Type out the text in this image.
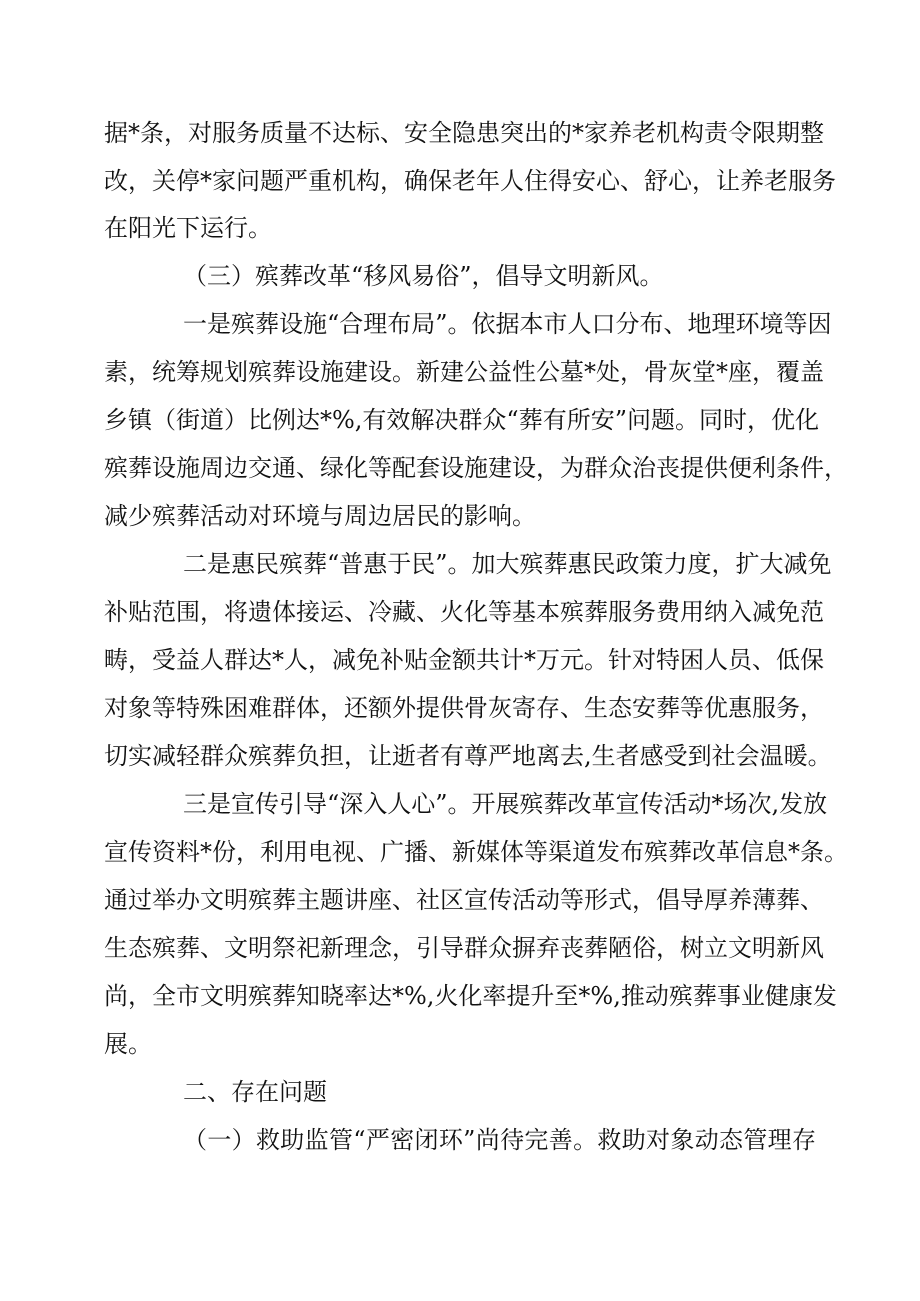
据*条，对服务质量不达标、安全隐患突出的*家养老机构责令限期整
改，关停*家问题严重机构，确保老年人住得安心、舒心，让养老服务
在阳光下运行。
（三）殡葬改革“移风易俗”，倡导文明新风。
一是殡葬设施“合理布局”。依据本市人口分布、地理环境等因
素，统筹规划殡葬设施建设。新建公益性公墓*处，骨灰堂*座，覆盖
乡镇（街道）比例达*%,有效解决群众“葬有所安”问题。同时，优化
殡葬设施周边交通、绿化等配套设施建设，为群众治丧提供便利条件，
减少殡葬活动对环境与周边居民的影响。
二是惠民殡葬“普惠于民”。加大殡葬惠民政策力度，扩大减免
补贴范围，将遗体接运、冷藏、火化等基本殡葬服务费用纳入减免范
畴，受益人群达*人，减免补贴金额共计*万元。针对特困人员、低保
对象等特殊困难群体，还额外提供骨灰寄存、生态安葬等优惠服务，
切实减轻群众殡葬负担，让逝者有尊严地离去,生者感受到社会温暖。
三是宣传引导“深入人心”。开展殡葬改革宣传活动*场次,发放
宣传资料*份，利用电视、广播、新媒体等渠道发布殡葬改革信息*条。
通过举办文明殡葬主题讲座、社区宣传活动等形式，倡导厚养薄葬、
生态殡葬、文明祭祀新理念，引导群众摒弃丧葬陋俗，树立文明新风
尚，全市文明殡葬知晓率达*%,火化率提升至*%,推动殡葬事业健康发
展。
二、存在问题
（一）救助监管“严密闭环”尚待完善。救助对象动态管理存
